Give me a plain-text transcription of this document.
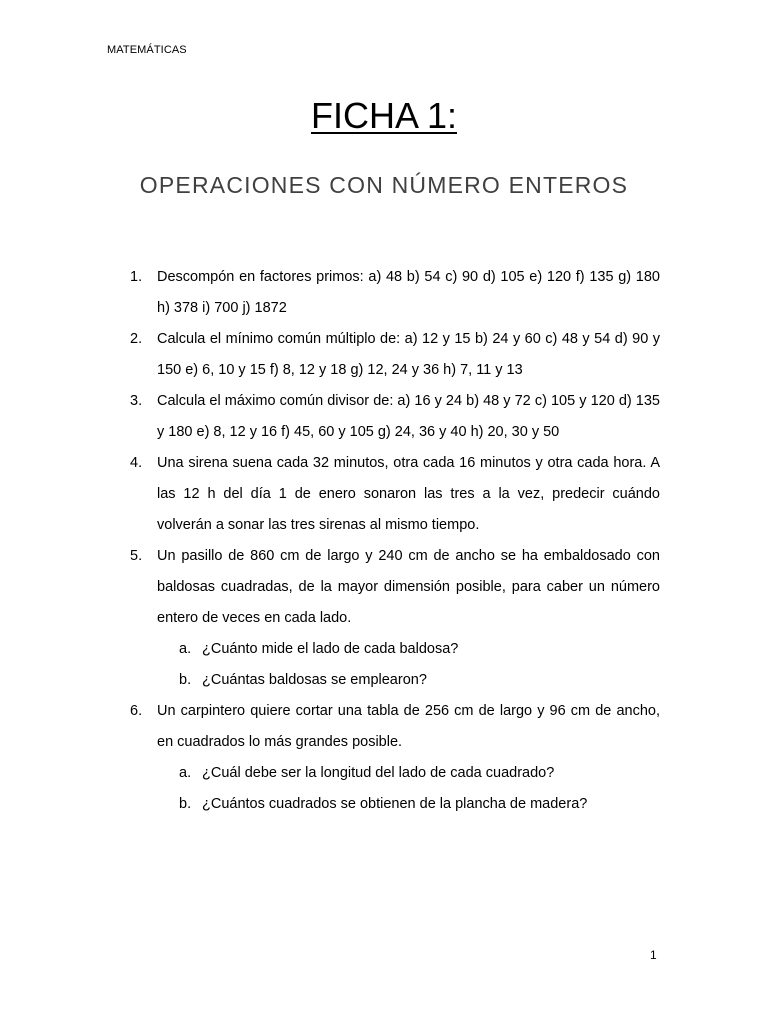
MATEMÁTICAS
FICHA 1:
OPERACIONES CON NÚMERO ENTEROS
1.	Descompón en factores primos: a) 48 b) 54 c) 90 d) 105 e) 120 f) 135 g) 180 h) 378 i) 700 j) 1872
2.	Calcula el mínimo común múltiplo de: a) 12 y 15 b) 24 y 60 c) 48 y 54 d) 90 y 150 e) 6, 10 y 15 f) 8, 12 y 18 g) 12, 24 y 36 h) 7, 11 y 13
3.	Calcula el máximo común divisor de: a) 16 y 24 b) 48 y 72 c) 105 y 120 d) 135 y 180 e) 8, 12 y 16 f) 45, 60 y 105 g) 24, 36 y 40 h) 20, 30 y 50
4.	Una sirena suena cada 32 minutos, otra cada 16 minutos y otra cada hora. A las 12 h del día 1 de enero sonaron las tres a la vez, predecir cuándo volverán a sonar las tres sirenas al mismo tiempo.
5.	Un pasillo de 860 cm de largo y 240 cm de ancho se ha embaldosado con baldosas cuadradas, de la mayor dimensión posible, para caber un número entero de veces en cada lado.
a. ¿Cuánto mide el lado de cada baldosa?
b. ¿Cuántas baldosas se emplearon?
6.	Un carpintero quiere cortar una tabla de 256 cm de largo y 96 cm de ancho, en cuadrados lo más grandes posible.
a. ¿Cuál debe ser la longitud del lado de cada cuadrado?
b. ¿Cuántos cuadrados se obtienen de la plancha de madera?
1
